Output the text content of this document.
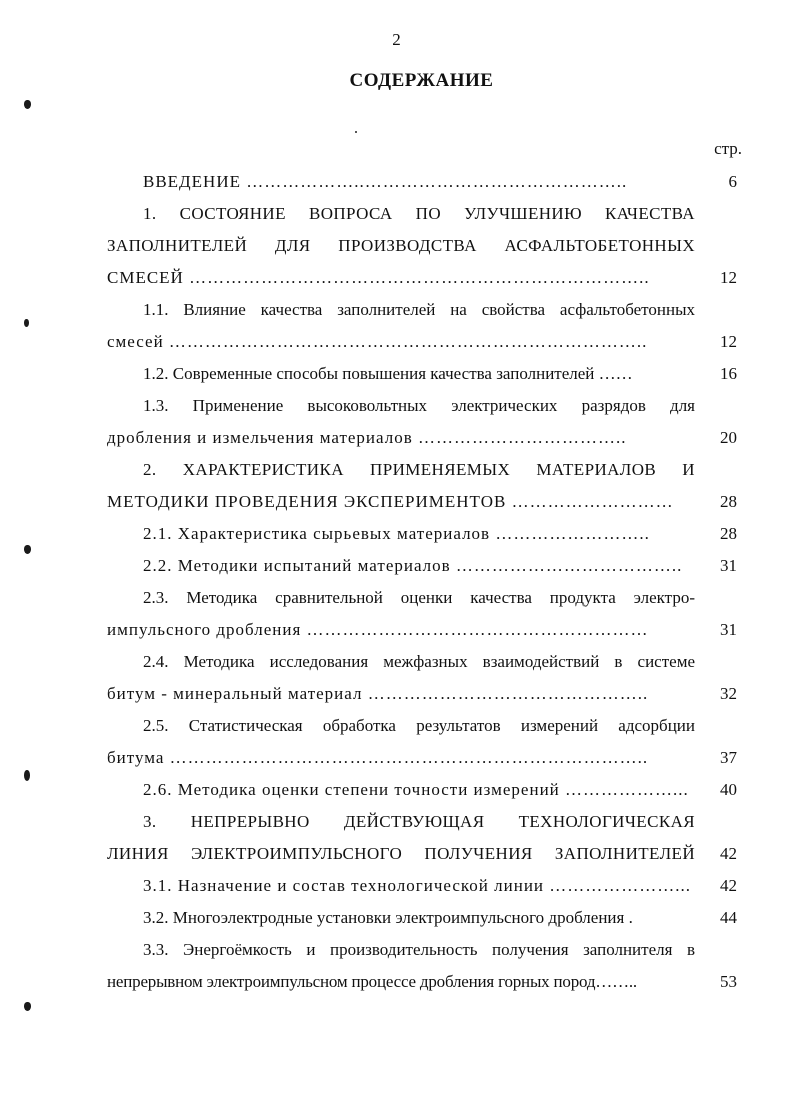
2
СОДЕРЖАНИЕ
стр.
ВВЕДЕНИЕ ………………..……………………………………..	6
1. СОСТОЯНИЕ ВОПРОСА ПО УЛУЧШЕНИЮ КАЧЕСТВА
ЗАПОЛНИТЕЛЕЙ ДЛЯ ПРОИЗВОДСТВА АСФАЛЬТОБЕТОННЫХ
СМЕСЕЙ …………………………………………………………………..	12
1.1. Влияние качества заполнителей на свойства асфальтобетонных
смесей ……………………………………………………………………..	12
1.2. Современные способы повышения качества заполнителей ……	16
1.3. Применение высоковольтных электрических разрядов для
дробления и измельчения материалов ……………………………..	20
2. ХАРАКТЕРИСТИКА ПРИМЕНЯЕМЫХ МАТЕРИАЛОВ И
МЕТОДИКИ ПРОВЕДЕНИЯ ЭКСПЕРИМЕНТОВ ………………………	28
2.1. Характеристика сырьевых материалов ……………………..	28
2.2. Методики испытаний материалов ………………………………..	31
2.3. Методика сравнительной оценки качества продукта электро-
импульсного дробления …………………………………………………	31
2.4. Методика исследования межфазных взаимодействий в системе
битум - минеральный материал ………………………………………..	32
2.5. Статистическая обработка результатов измерений адсорбции
битума ……………………………………………………………………..	37
2.6. Методика оценки степени точности измерений ………………...	40
3. НЕПРЕРЫВНО ДЕЙСТВУЮЩАЯ ТЕХНОЛОГИЧЕСКАЯ
ЛИНИЯ ЭЛЕКТРОИМПУЛЬСНОГО ПОЛУЧЕНИЯ ЗАПОЛНИТЕЛЕЙ 42
3.1. Назначение и состав технологической линии …………………... 42
3.2. Многоэлектродные установки электроимпульсного дробления .	44
3.3. Энергоёмкость и производительность получения заполнителя в
непрерывном электроимпульсном процессе дробления горных пород……..	53
